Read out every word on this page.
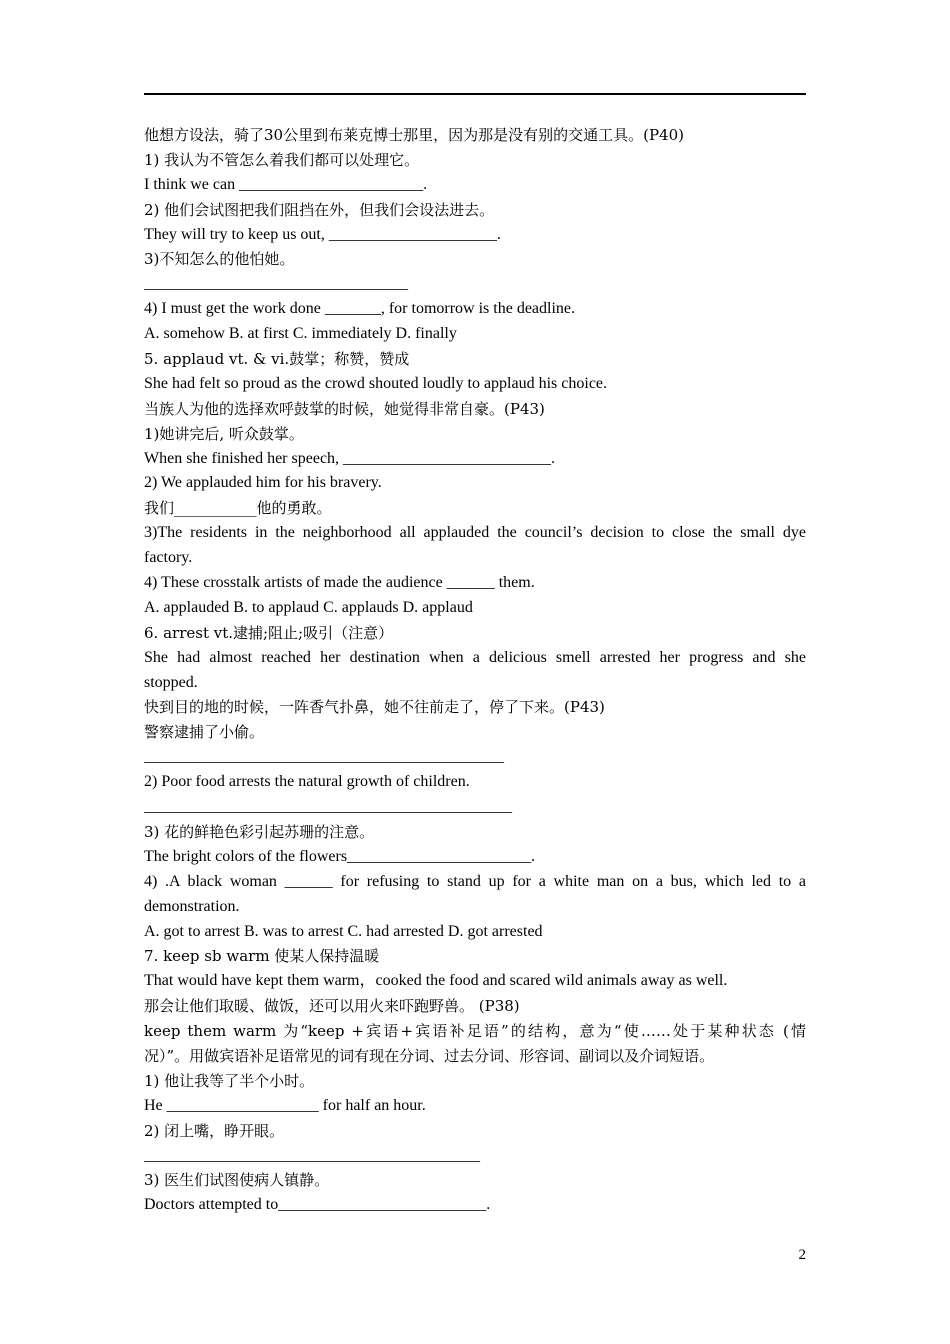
他想方设法，骑了30公里到布莱克博士那里，因为那是没有别的交通工具。(P40)
1) 我认为不管怎么着我们都可以处理它。
I think we can _______________________.
2) 他们会试图把我们阻挡在外，但我们会设法进去。
They will try to keep us out, _____________________.
3)不知怎么的他怕她。
_________________________________
4) I must get the work done _______, for tomorrow is the deadline.
A. somehow B. at first C. immediately D. finally
5. applaud vt. & vi.鼓掌；称赞，赞成
She had felt so proud as the crowd shouted loudly to applaud his choice.
当族人为他的选择欢呼鼓掌的时候，她觉得非常自豪。(P43)
1)她讲完后, 听众鼓掌。
When she finished her speech, __________________________.
2) We applauded him for his bravery.
我们___________他的勇敢。
3)The residents in the neighborhood all applauded the council’s decision to close the small dye
factory.
4) These crosstalk artists of made the audience ______ them.
A. applauded B. to applaud C. applauds D. applaud
6. arrest vt.逮捕;阻止;吸引（注意）
She had almost reached her destination when a delicious smell arrested her progress and she
stopped.
快到目的地的时候，一阵香气扑鼻，她不往前走了，停了下来。(P43)
警察逮捕了小偷。
_____________________________________________
2) Poor food arrests the natural growth of children.
______________________________________________
3) 花的鲜艳色彩引起苏珊的注意。
The bright colors of the flowers_______________________.
4) .A black woman ______ for refusing to stand up for a white man on a bus, which led to a
demonstration.
A. got to arrest B. was to arrest C. had arrested D. got arrested
7. keep sb warm 使某人保持温暖
That would have kept them warm，cooked the food and scared wild animals away as well.
那会让他们取暖、做饭，还可以用火来吓跑野兽。 (P38)
keep them warm 为“keep +宾语+宾语补足语”的结构，意为“使……处于某种状态 (情
况）”。用做宾语补足语常见的词有现在分词、过去分词、形容词、副词以及介词短语。
1) 他让我等了半个小时。
He ___________________ for half an hour.
2) 闭上嘴，睁开眼。
__________________________________________
3) 医生们试图使病人镇静。
Doctors attempted to__________________________.
2
